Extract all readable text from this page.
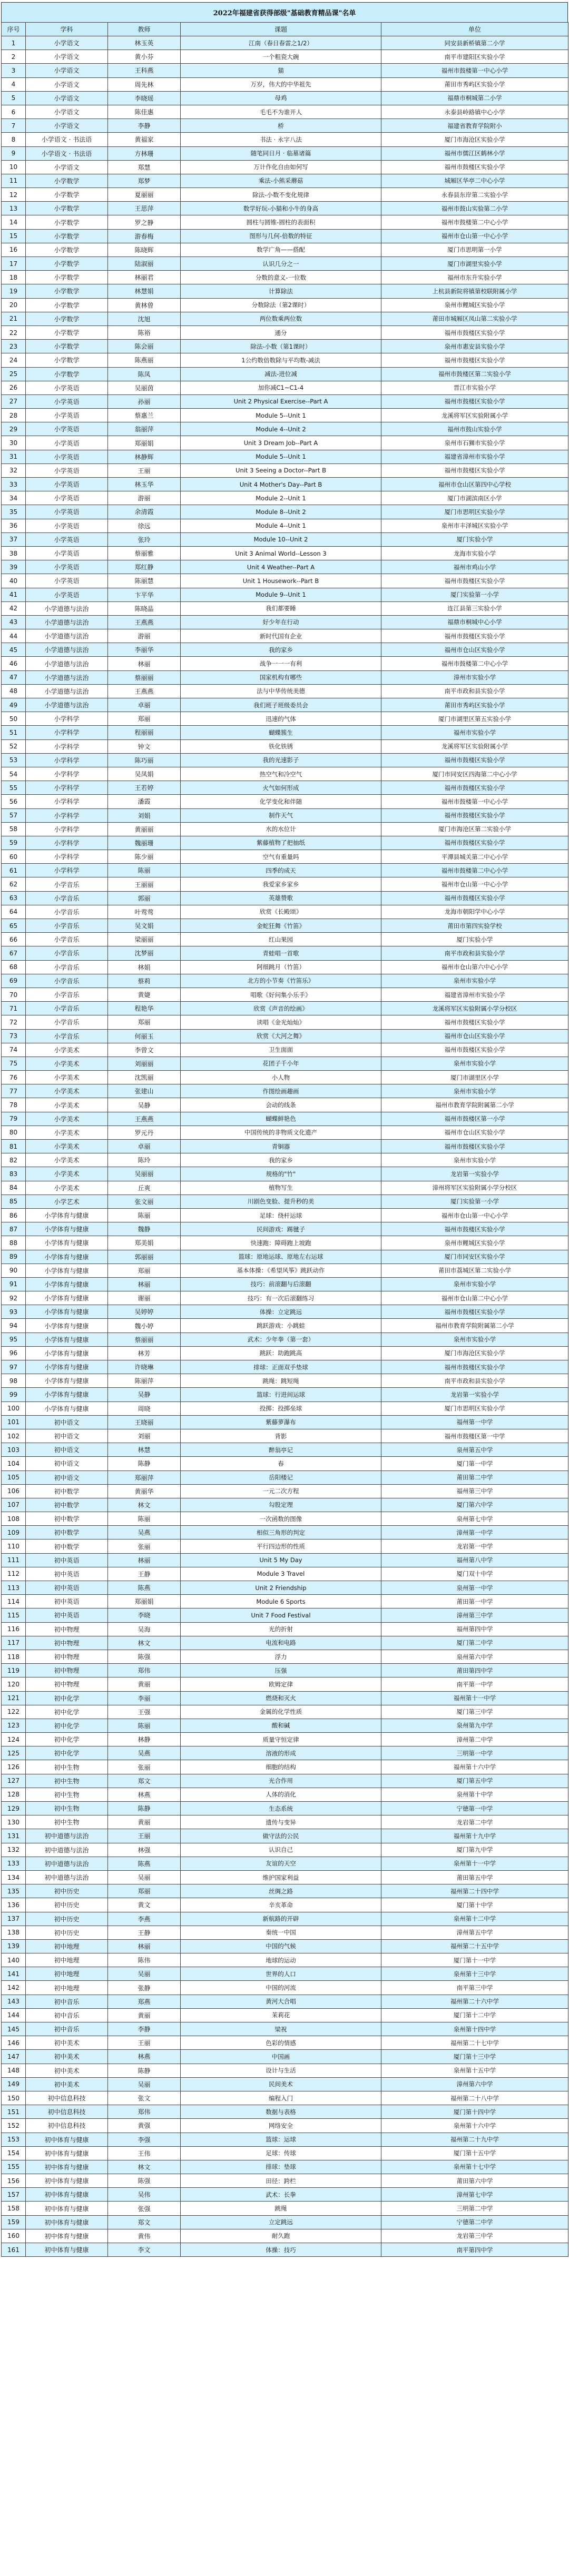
2022年福建省获得部级"基础教育精品课"名单
序号	学科	教师	课题	单位
1	小学语文	林玉英	江南（春日春雷之1/2）	同安县新桥镇第二小学
2	小学语文	黄小芬	一个粗瓷大碗	南平市建阳区实验小学
3	小学语文	王科燕	猫	福州市鼓楼第一中心小学
4	小学语文	周先林	万岁，伟大的中华祖先	莆田市秀屿区实验小学
5	小学语文	李晓瑶	母鸡	福鼎市桐城第二小学
6	小学语文	陈佳惠	毛毛不为谁开人	永泰县岭路镇中心小学
7	小学语文	李静	桥	福建省教育学院附小
8	小学语文 · 书法语	黄福家	书法 · 永字八法	厦门市海沧区实验小学
9	小学语文 · 书法语	方林珊	随笔同日月 · 临墓诸篇	福州市儒江区鹤林小学
10	小学语文	郑慧	万计作化自由如何写	福州市鼓楼区实验小学
11	小学数学	郑梦	乘法-小熊采蘑菇	城厢区华亭二中心小学
12	小学数学	夏丽丽	除法-小数不变化规律	永春县东岸第二实验小学
13	小学数学	王思萍	数学好玩-小猫和小牛的身高	福州市鼓山实验第二小学
14	小学数学	罗之静	圆柱与圆锥-圆柱的表面积	福州市鼓楼第二中心小学
15	小学数学	游春梅	图形与几何-倍数的特征	福州市仓山第一中心小学
16	小学数学	陈晓辉	数学广角——搭配	厦门市思明第一小学
17	小学数学	陆淑丽	认识几分之一	厦门市湖里实验小学
18	小学数学	林丽君	分数的意义-一位数	福州市东升实验小学
19	小学数学	林慧娟	计算除法	上杭县新院将镇第校联附属小学
20	小学数学	黄林曾	分数除法（第2课时）	泉州市鲤城区实验小学
21	小学数学	沈旭	两位数乘两位数	莆田市城厢区凤山第二实验小学
22	小学数学	陈裕	通分	福州市鼓楼区实验小学
23	小学数学	陈会丽	除法-小数（第1课时）	泉州市惠安县实验小学
24	小学数学	陈燕丽	1公约数倍数除与平均数-减法	福州市鼓楼区实验小学
25	小学数学	陈凤	减法-进位减	福州市鼓楼区第二实验小学
26	小学英语	吴丽茵	加你减C1~C1-4	晋江市实验小学
27	小学英语	孙丽	Unit 2 Physical Exercise--Part A	福州市鼓楼区实验小学
28	小学英语	蔡惠兰	Module 5--Unit 1	龙溪将军区实验附属小学
29	小学英语	翁丽萍	Module 4--Unit 2	福州市鼓山实验小学
30	小学英语	郑丽娟	Unit 3 Dream Job--Part A	泉州市石狮市实验小学
31	小学英语	林静辉	Module 5--Unit 1	福建省漳州市实验小学
32	小学英语	王丽	Unit 3 Seeing a Doctor--Part B	福州市鼓楼区实验小学
33	小学英语	林玉华	Unit 4 Mother's Day--Part B	福州市仓山区第四中心学校
34	小学英语	游丽	Module 2--Unit 1	厦门市湖滨南区小学
35	小学英语	余清霞	Module 8--Unit 2	厦门市思明区实验小学
36	小学英语	徐远	Module 4--Unit 1	泉州市丰泽城区实验小学
37	小学英语	张玲	Module 10--Unit 2	厦门实验小学
38	小学英语	蔡丽雅	Unit 3 Animal World--Lesson 3	龙海市实验小学
39	小学英语	郑红静	Unit 4 Weather--Part A	福州市鸡山小学
40	小学英语	陈丽慧	Unit 1 Housework--Part B	福州市鼓楼区实验小学
41	小学英语	卞平华	Module 9--Unit 1	厦门实验第一小学
42	小学道德与法治	陈晓晶	我们都要睡	连江县第三实验小学
43	小学道德与法治	王燕燕	好少年在行动	福鼎市桐城中心小学
44	小学道德与法治	游丽	新时代国有企业	福州市鼓楼区实验小学
45	小学道德与法治	李丽华	我的家乡	福州市仓山区实验小学
46	小学道德与法治	林丽	战争一一一有利	福州市鼓楼第二中心小学
47	小学道德与法治	蔡丽丽	国家机构有哪些	漳州市实验小学
48	小学道德与法治	王燕燕	法与中华传统美德	南平市政和县实验小学
49	小学道德与法治	卓丽	我们班子班级委员会	莆田市秀屿区实验小学
50	小学科学	郑丽	迅速的气体	厦门市湖里区第五实验小学
51	小学科学	程丽丽	蝴蝶簇生	福州市实验小学
52	小学科学	钟文	铁化铁锈	龙溪将军区实验附属小学
53	小学科学	陈巧丽	我的光速影子	福州市鼓楼区实验小学
54	小学科学	吴凤娟	热空气和冷空气	厦门市同安区四海第二中心小学
55	小学科学	王若婷	火气如何形成	福州市鼓楼区实验小学
56	小学科学	潘霞	化学变化和伴随	福州市鼓楼第一中心小学
57	小学科学	刘娟	制作天气	福州市鼓楼区实验小学
58	小学科学	黄丽丽	水的水位计	厦门市海沧区第二实验小学
59	小学科学	魏丽珊	紫藤植物了把抽纸	福州市鼓楼区实验小学
60	小学科学	陈少丽	空气有重量吗	平潭县城关第二中心小学
61	小学科学	陈丽	四季的成天	福州市鼓楼第二中心小学
62	小学音乐	王丽丽	我爱家乡家乡	福州市仓山第一中心小学
63	小学音乐	郭丽	英雄赞歌	福州市鼓楼区实验小学
64	小学音乐	叶莺莺	欣赏《长殿颂》	龙海市朝阳学中心小学
65	小学音乐	吴文娟	金蛇狂舞《竹笛》	莆田市第四实验学校
66	小学音乐	梁丽丽	红山果园	厦门实验小学
67	小学音乐	沈梦丽	青蛙唱一首歌	南平市政和县实验小学
68	小学音乐	林娟	阿细跳月（竹笛）	福州市仓山第六中心小学
69	小学音乐	蔡莉	北方的小节奏《竹笛乐》	泉州市实验小学
70	小学音乐	黄婕	唱歌《好问集小乐手》	福建省漳州市实验小学
71	小学音乐	程艳华	欣赏《声音的绘画》	龙溪将军区实验附属小学分校区
72	小学音乐	郑丽	读唱《金光灿灿》	福州市鼓楼区实验小学
73	小学音乐	何丽玉	欣赏《大河之舞》	福州市仓山区实验小学
74	小学美术	李曾文	卫生面面	福州市鼓楼区实验小学
75	小学美术	刘丽丽	花团子千小年	泉州市实验小学
76	小学美术	沈凯丽	小人物	厦门市湖里区小学
77	小学美术	张建山	作图绘画趣画	泉州市实验小学
78	小学美术	吴静	会动的线条	福州市教育学院附属第二小学
79	小学美术	王燕燕	蝴蝶鲜艳色	福州市鼓楼区第一小学
80	小学美术	罗元丹	中国传统的非物质文化遗产	福州市仓山区实验小学
81	小学美术	卓丽	青铜器	福州市鼓楼区实验小学
82	小学美术	陈玲	我的家乡	泉州市实验小学
83	小学美术	吴丽丽	规格的"竹"	龙岩第一实验小学
84	小学美术	丘爽	植物写生	漳州将军区实验附属小学分校区
85	小学艺术	张文丽	川剧色变脸、提升秒的美	厦门实验第一小学
86	小学体育与健康	陈丽	足球：绕杆运球	福州市仓山第一中心小学
87	小学体育与健康	魏静	民间游戏：踢毽子	福州市鼓楼区实验小学
88	小学体育与健康	郑美娟	快速跑：障碍跑上坡跑	泉州市鲤城区实验小学
89	小学体育与健康	郭丽丽	篮球：原地运球、原地左右运球	厦门市同安区实验小学
90	小学体育与健康	郑丽	基本体操：《希望风筝》跳跃动作	莆田市荔城区第二实验小学
91	小学体育与健康	林丽	技巧：前滚翻与后滚翻	泉州市实验小学
92	小学体育与健康	谢丽	技巧：有一次后滚翻练习	福州市仓山第二中心小学
93	小学体育与健康	吴婷婷	体操：立定跳远	福州市鼓楼区实验小学
94	小学体育与健康	魏小婷	跳跃游戏：小跳蛙	福州市教育学院附属第二小学
95	小学体育与健康	蔡丽丽	武术：少年拳（第一套）	泉州市实验小学
96	小学体育与健康	林芳	跳跃：助跑跳高	厦门市海沧区实验小学
97	小学体育与健康	许晓琳	排球：正面双手垫球	福州市鼓楼区实验小学
98	小学体育与健康	陈丽萍	跳绳：跳短绳	南平市政和县实验小学
99	小学体育与健康	吴静	篮球：行进间运球	龙岩第一实验小学
100	小学体育与健康	周晓	投掷：投掷垒球	厦门市思明区实验小学
101	初中语文	王晓丽	紫藤萝瀑布	福州第一中学
102	初中语文	刘丽	背影	福州市鼓楼区第一中学
103	初中语文	林慧	醉翁亭记	泉州第五中学
104	初中语文	陈静	春	厦门第一中学
105	初中语文	郑丽萍	岳阳楼记	莆田第二中学
106	初中数学	黄丽华	一元二次方程	福州第三中学
107	初中数学	林文	勾股定理	厦门第六中学
108	初中数学	陈丽	一次函数的图像	泉州第七中学
109	初中数学	吴燕	相似三角形的判定	漳州第一中学
110	初中数学	张丽	平行四边形的性质	龙岩第一中学
111	初中英语	林丽	Unit 5 My Day	福州第八中学
112	初中英语	王静	Module 3 Travel	厦门双十中学
113	初中英语	陈燕	Unit 2 Friendship	泉州第一中学
114	初中英语	郑丽娟	Module 6 Sports	莆田第一中学
115	初中英语	李晓	Unit 7 Food Festival	漳州第三中学
116	初中物理	吴海	光的折射	福州第四中学
117	初中物理	林文	电流和电路	厦门第二中学
118	初中物理	陈强	浮力	泉州第六中学
119	初中物理	郑伟	压强	莆田第四中学
120	初中物理	黄丽	欧姆定律	南平第一中学
121	初中化学	李丽	燃烧和灭火	福州第十一中学
122	初中化学	王强	金属的化学性质	厦门第三中学
123	初中化学	陈丽	酸和碱	泉州第九中学
124	初中化学	林静	质量守恒定律	漳州第二中学
125	初中化学	吴燕	溶液的形成	三明第一中学
126	初中生物	张丽	细胞的结构	福州第十六中学
127	初中生物	郑文	光合作用	厦门第五中学
128	初中生物	林燕	人体的消化	泉州第十中学
129	初中生物	陈静	生态系统	宁德第一中学
130	初中生物	黄丽	遗传与变异	龙岩第二中学
131	初中道德与法治	王丽	做守法的公民	福州第十九中学
132	初中道德与法治	林强	认识自己	厦门第九中学
133	初中道德与法治	陈燕	友谊的天空	泉州第十一中学
134	初中道德与法治	吴丽	维护国家利益	莆田第五中学
135	初中历史	郑丽	丝绸之路	福州第二十四中学
136	初中历史	黄文	辛亥革命	厦门第十中学
137	初中历史	李燕	新航路的开辟	泉州第十二中学
138	初中历史	王静	秦统一中国	漳州第五中学
139	初中地理	林丽	中国的气候	福州第二十五中学
140	初中地理	陈伟	地球的运动	厦门第十一中学
141	初中地理	吴丽	世界的人口	泉州第十三中学
142	初中地理	张静	中国的河流	南平第三中学
143	初中音乐	郑燕	黄河大合唱	福州第二十六中学
144	初中音乐	黄丽	茉莉花	厦门第十二中学
145	初中音乐	李静	梁祝	泉州第十四中学
146	初中美术	王丽	色彩的情感	福州第二十七中学
147	初中美术	林燕	中国画	厦门第十三中学
148	初中美术	陈静	设计与生活	泉州第十五中学
149	初中美术	吴丽	民间美术	漳州第六中学
150	初中信息科技	张文	编程入门	福州第二十八中学
151	初中信息科技	郑伟	数据与表格	厦门第十四中学
152	初中信息科技	黄强	网络安全	泉州第十六中学
153	初中体育与健康	李强	篮球：运球	福州第二十九中学
154	初中体育与健康	王伟	足球：传球	厦门第十五中学
155	初中体育与健康	林文	排球：垫球	泉州第十七中学
156	初中体育与健康	陈强	田径：跨栏	莆田第六中学
157	初中体育与健康	吴伟	武术：长拳	漳州第七中学
158	初中体育与健康	张强	跳绳	三明第二中学
159	初中体育与健康	郑文	立定跳远	宁德第二中学
160	初中体育与健康	黄伟	耐久跑	龙岩第三中学
161	初中体育与健康	李文	体操：技巧	南平第四中学
